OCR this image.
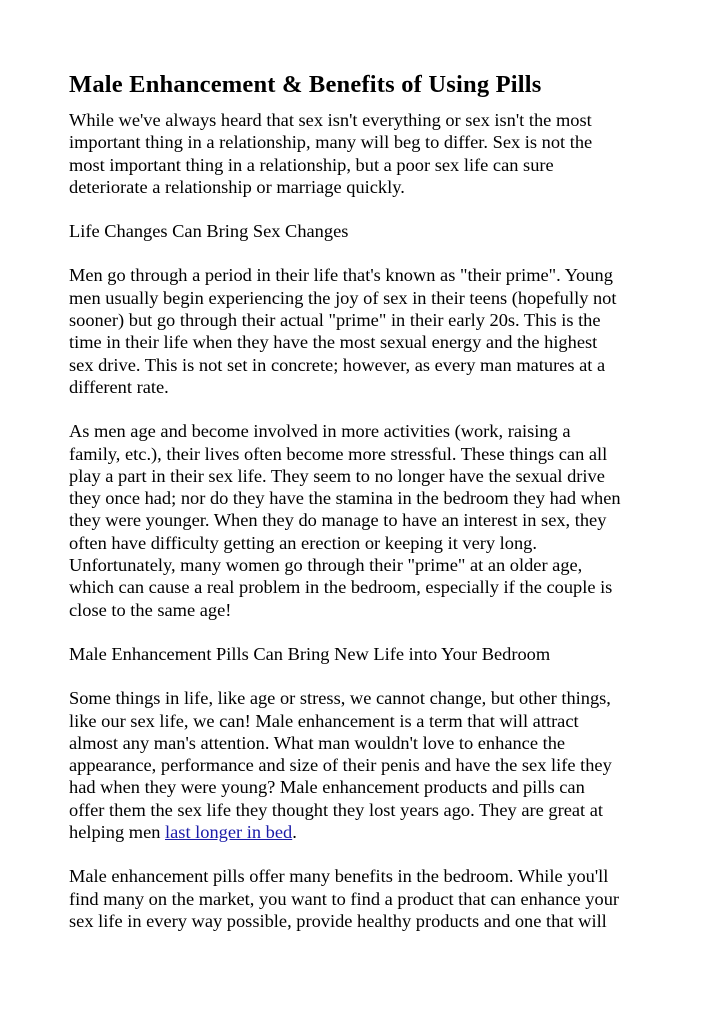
Male Enhancement & Benefits of Using Pills

While we've always heard that sex isn't everything or sex isn't the most
important thing in a relationship, many will beg to differ. Sex is not the
most important thing in a relationship, but a poor sex life can sure
deteriorate a relationship or marriage quickly.

Life Changes Can Bring Sex Changes

Men go through a period in their life that's known as "their prime". Young
men usually begin experiencing the joy of sex in their teens (hopefully not
sooner) but go through their actual "prime" in their early 20s. This is the
time in their life when they have the most sexual energy and the highest
sex drive. This is not set in concrete; however, as every man matures at a
different rate.

As men age and become involved in more activities (work, raising a
family, etc.), their lives often become more stressful. These things can all
play a part in their sex life. They seem to no longer have the sexual drive
they once had; nor do they have the stamina in the bedroom they had when
they were younger. When they do manage to have an interest in sex, they
often have difficulty getting an erection or keeping it very long.
Unfortunately, many women go through their "prime" at an older age,
which can cause a real problem in the bedroom, especially if the couple is
close to the same age!

Male Enhancement Pills Can Bring New Life into Your Bedroom

Some things in life, like age or stress, we cannot change, but other things,
like our sex life, we can! Male enhancement is a term that will attract
almost any man's attention. What man wouldn't love to enhance the
appearance, performance and size of their penis and have the sex life they
had when they were young? Male enhancement products and pills can
offer them the sex life they thought they lost years ago. They are great at
helping men last longer in bed.

Male enhancement pills offer many benefits in the bedroom. While you'll
find many on the market, you want to find a product that can enhance your
sex life in every way possible, provide healthy products and one that will
